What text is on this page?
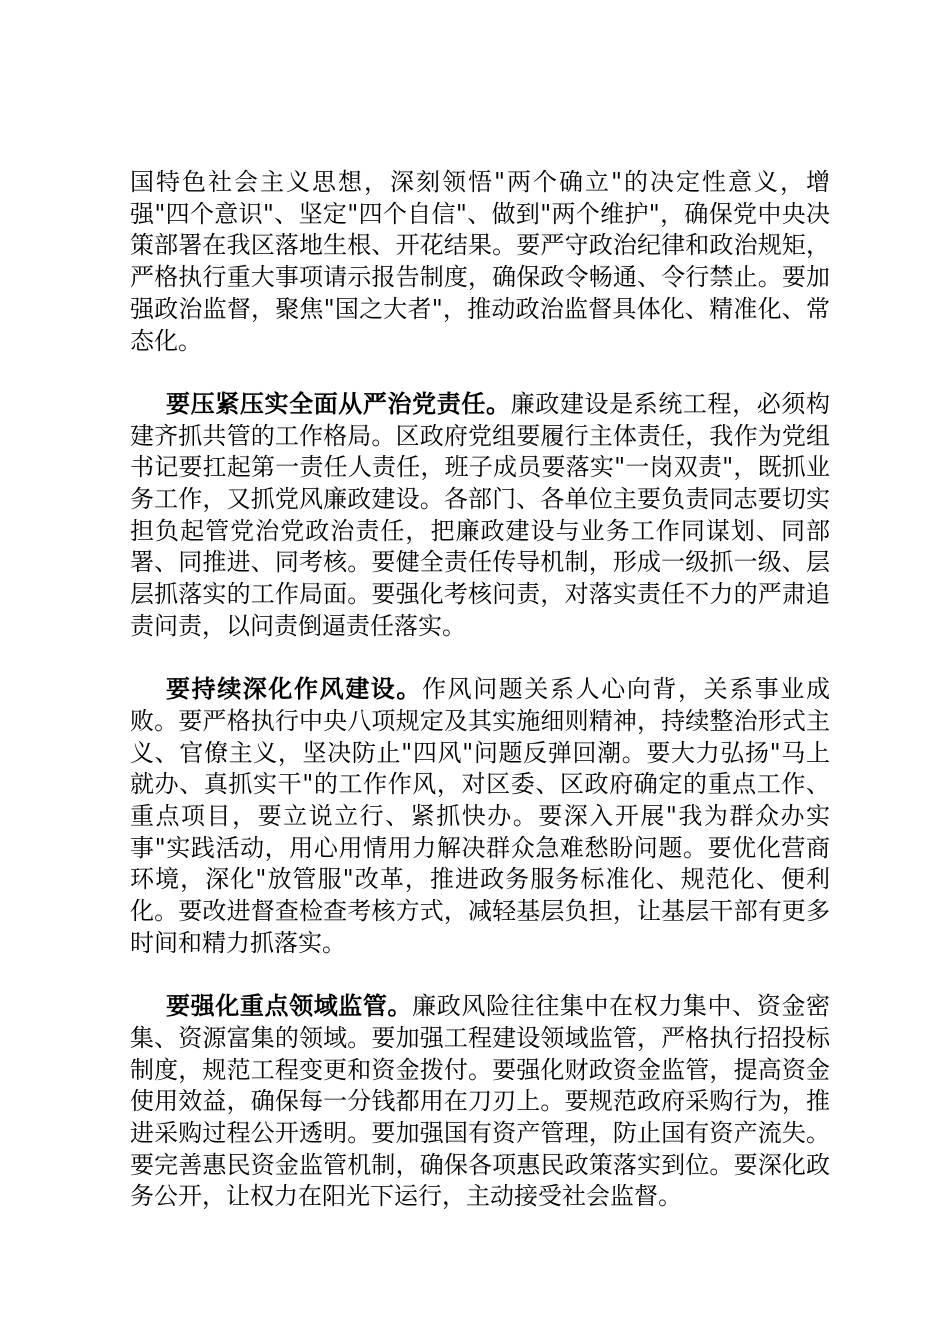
国特色社会主义思想，深刻领悟"两个确立"的决定性意义，增强"四个意识"、坚定"四个自信"、做到"两个维护"，确保党中央决策部署在我区落地生根、开花结果。要严守政治纪律和政治规矩，严格执行重大事项请示报告制度，确保政令畅通、令行禁止。要加强政治监督，聚焦"国之大者"，推动政治监督具体化、精准化、常态化。

要压紧压实全面从严治党责任。廉政建设是系统工程，必须构建齐抓共管的工作格局。区政府党组要履行主体责任，我作为党组书记要扛起第一责任人责任，班子成员要落实"一岗双责"，既抓业务工作，又抓党风廉政建设。各部门、各单位主要负责同志要切实担负起管党治党政治责任，把廉政建设与业务工作同谋划、同部署、同推进、同考核。要健全责任传导机制，形成一级抓一级、层层抓落实的工作局面。要强化考核问责，对落实责任不力的严肃追责问责，以问责倒逼责任落实。

要持续深化作风建设。作风问题关系人心向背，关系事业成败。要严格执行中央八项规定及其实施细则精神，持续整治形式主义、官僚主义，坚决防止"四风"问题反弹回潮。要大力弘扬"马上就办、真抓实干"的工作作风，对区委、区政府确定的重点工作、重点项目，要立说立行、紧抓快办。要深入开展"我为群众办实事"实践活动，用心用情用力解决群众急难愁盼问题。要优化营商环境，深化"放管服"改革，推进政务服务标准化、规范化、便利化。要改进督查检查考核方式，减轻基层负担，让基层干部有更多时间和精力抓落实。

要强化重点领域监管。廉政风险往往集中在权力集中、资金密集、资源富集的领域。要加强工程建设领域监管，严格执行招投标制度，规范工程变更和资金拨付。要强化财政资金监管，提高资金使用效益，确保每一分钱都用在刀刃上。要规范政府采购行为，推进采购过程公开透明。要加强国有资产管理，防止国有资产流失。要完善惠民资金监管机制，确保各项惠民政策落实到位。要深化政务公开，让权力在阳光下运行，主动接受社会监督。
